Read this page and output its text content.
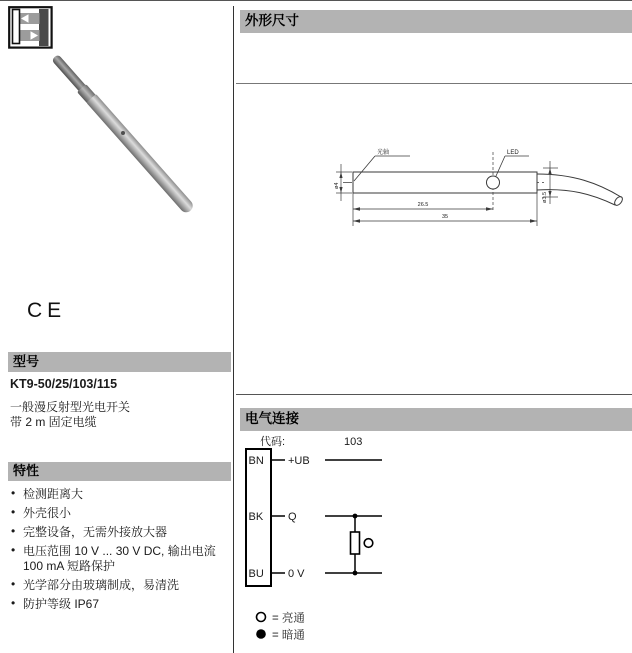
CE
型号
KT9-50/25/103/115
一般漫反射型光电开关
带 2 m 固定电缆
特性
• 检测距离大
• 外壳很小
• 完整设备，无需外接放大器
• 电压范围 10 V ... 30 V DC, 输出电流 100 mA 短路保护
• 光学部分由玻璃制成，易清洗
• 防护等级 IP67
外形尺寸
光轴	LED
26.5
35
ø4
ø3.5
电气连接
代码:	103
BN
BK
BU
+UB
Q
0 V
= 亮通
= 暗通
